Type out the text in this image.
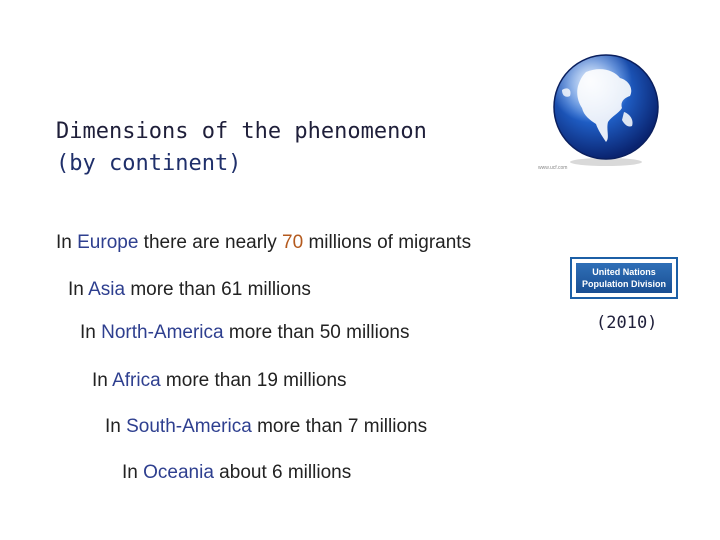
Dimensions of the phenomenon
(by continent)	www.ucf.com
United Nations
Population Division
(2010)
In Europe there are nearly 70 millions of migrants
In Asia more than 61 millions
In North-America more than 50 millions
In Africa more than 19 millions
In South-America more than 7 millions
In Oceania about 6 millions
